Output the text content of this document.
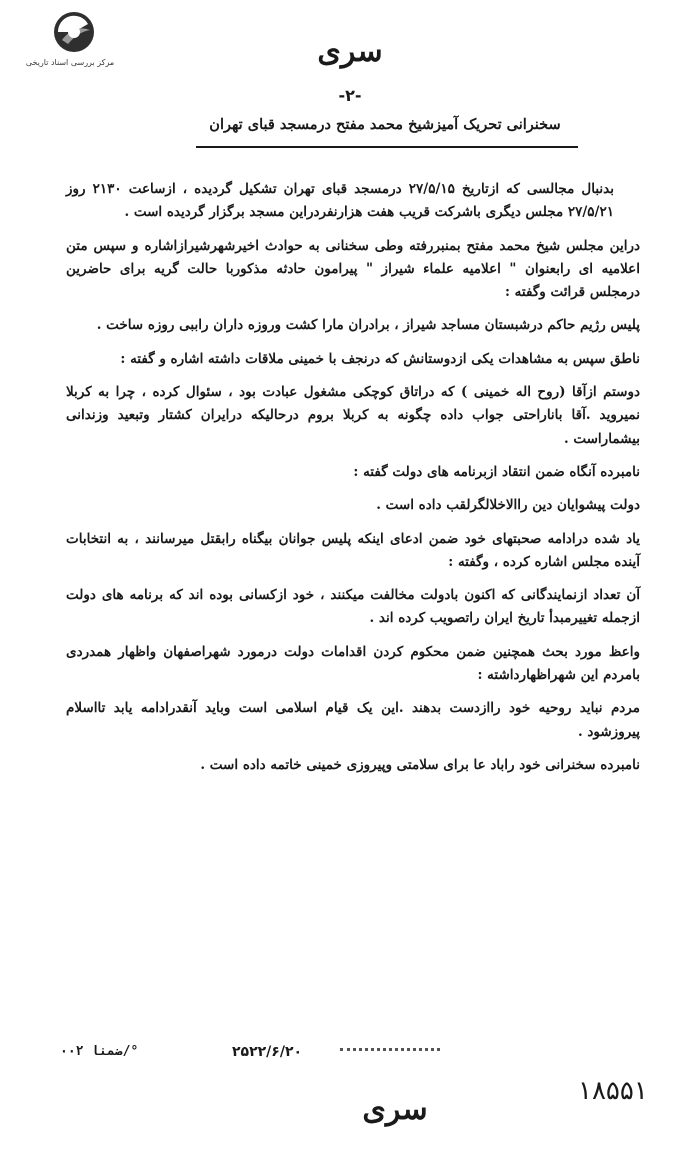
مرکز بررسی اسناد تاریخی	سری
-۲-
سخنرانی تحریک آمیزشیخ محمد مفتح درمسجد قبای تهران

بدنبال مجالسی که ازتاریخ ۲۷/۵/۱۵ درمسجد قبای تهران تشکیل گردیده ، ازساعت ۲۱۳۰ روز ۲۷/۵/۲۱ مجلس دیگری باشرکت قریب هفت هزارنفردراین مسجد برگزار گردیده است .

دراین مجلس شیخ محمد مفتح بمنبررفته وطی سخنانی به حوادث اخیرشهرشیرازاشاره و سپس متن اعلامیه ای رابعنوان " اعلامیه علماء شیراز " پیرامون حادثه مذکوربا حالت گریه برای حاضرین درمجلس قرائت وگفته :

پلیس رژیم حاکم درشبستان مساجد شیراز ، برادران مارا کشت وروزه داران راببی روزه ساخت .

ناطق سپس به مشاهدات یکی ازدوستانش که درنجف با خمینی ملاقات داشته اشاره و گفته :

دوستم ازآقا (روح اله خمینی ) که دراتاق کوچکی مشغول عبادت بود ، سئوال کرده ، چرا به کربلا نمیروید .آقا باناراحتی جواب داده چگونه به کربلا بروم درحالیکه درایران کشتار وتبعید وزندانی بیشماراست .

نامبرده آنگاه ضمن انتقاد ازبرنامه های دولت گفته :

دولت پیشوایان دین راالاخلالگرلقب داده است .

یاد شده درادامه صحبتهای خود ضمن ادعای اینکه پلیس جوانان بیگناه رابقتل میرسانند ، به انتخابات آینده مجلس اشاره کرده ، وگفته :

آن تعداد ازنمایندگانی که اکنون بادولت مخالفت میکنند ، خود ازکسانی بوده اند که برنامه های دولت ازجمله تغییرمبدأ تاریخ ایران راتصویب کرده اند .

واعظ مورد بحث همچنین ضمن محکوم کردن اقدامات دولت درمورد شهراصفهان واظهار همدردی بامردم این شهراظهارداشته :

مردم نباید روحیه خود راازدست بدهند .این یک قیام اسلامی است وباید آنقدرادامه یابد تااسلام پیروزشود .

نامبرده سخنرانی خود راباد عا برای سلامتی وپیروزی خمینی خاتمه داده است .

ضمنا ۰۰۲/°	۲۵۲۲/۶/۲۰
۱۸۵۵۱
سری
